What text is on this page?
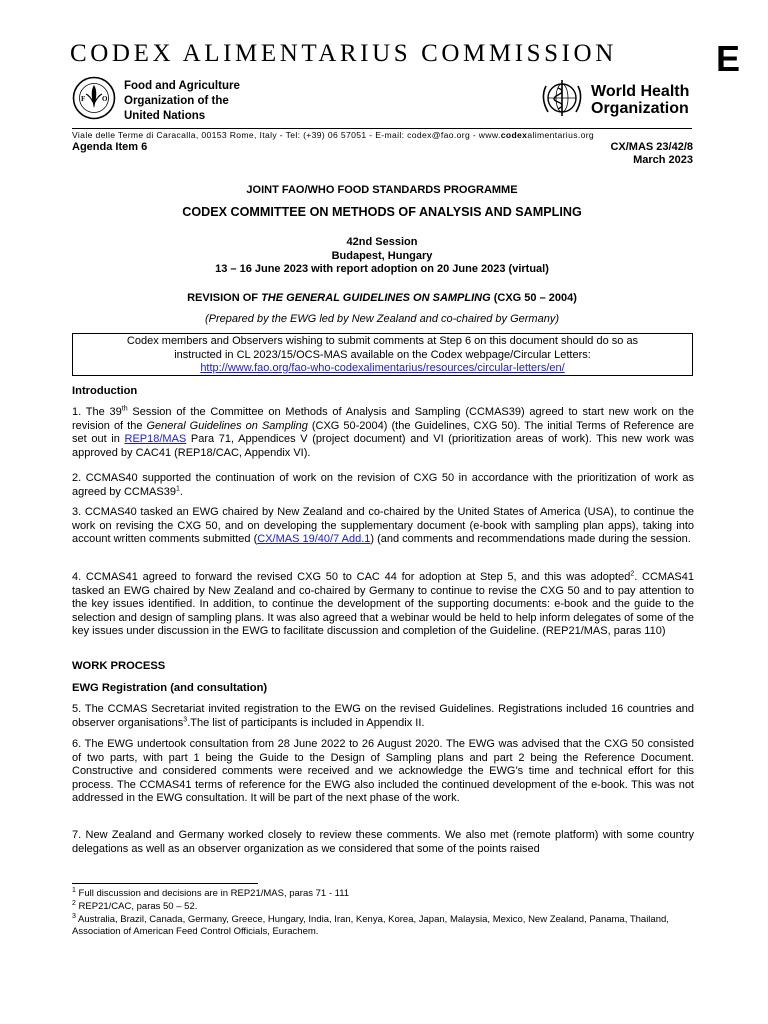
CODEX ALIMENTARIUS COMMISSION	E
F O
Food and Agriculture
Organization of the
United Nations
World Health
Organization
Viale delle Terme di Caracalla, 00153 Rome, Italy - Tel: (+39) 06 57051 - E-mail: codex@fao.org - www.codexalimentarius.org
Agenda Item 6	CX/MAS 23/42/8
March 2023
JOINT FAO/WHO FOOD STANDARDS PROGRAMME
CODEX COMMITTEE ON METHODS OF ANALYSIS AND SAMPLING
42nd Session
Budapest, Hungary
13 – 16 June 2023 with report adoption on 20 June 2023 (virtual)
REVISION OF THE GENERAL GUIDELINES ON SAMPLING (CXG 50 – 2004)
(Prepared by the EWG led by New Zealand and co-chaired by Germany)
Codex members and Observers wishing to submit comments at Step 6 on this document should do so as
instructed in CL 2023/15/OCS-MAS available on the Codex webpage/Circular Letters:
http://www.fao.org/fao-who-codexalimentarius/resources/circular-letters/en/
Introduction
1. The 39th Session of the Committee on Methods of Analysis and Sampling (CCMAS39) agreed to start new work on the revision of the General Guidelines on Sampling (CXG 50-2004) (the Guidelines, CXG 50). The initial Terms of Reference are set out in REP18/MAS Para 71, Appendices V (project document) and VI (prioritization areas of work). This new work was approved by CAC41 (REP18/CAC, Appendix VI).
2. CCMAS40 supported the continuation of work on the revision of CXG 50 in accordance with the prioritization of work as agreed by $CCMAS39^1$.
3. CCMAS40 tasked an EWG chaired by New Zealand and co-chaired by the United States of America (USA), to continue the work on revising the CXG 50, and on developing the supplementary document (e-book with sampling plan apps), taking into account written comments submitted (CX/MAS 19/40/7 Add.1) (and comments and recommendations made during the session.
4. CCMAS41 agreed to forward the revised CXG 50 to CAC 44 for adoption at Step 5, and this was adopted$^2$. CCMAS41 tasked an EWG chaired by New Zealand and co-chaired by Germany to continue to revise the CXG 50 and to pay attention to the key issues identified. In addition, to continue the development of the supporting documents: e-book and the guide to the selection and design of sampling plans. It was also agreed that a webinar would be held to help inform delegates of some of the key issues under discussion in the EWG to facilitate discussion and completion of the Guideline. (REP21/MAS, paras 110)
WORK PROCESS
EWG Registration (and consultation)
5. The CCMAS Secretariat invited registration to the EWG on the revised Guidelines. Registrations included 16 countries and observer organisations$^3$.The list of participants is included in Appendix II.
6. The EWG undertook consultation from 28 June 2022 to 26 August 2020. The EWG was advised that the CXG 50 consisted of two parts, with part 1 being the Guide to the Design of Sampling plans and part 2 being the Reference Document. Constructive and considered comments were received and we acknowledge the EWG’s time and technical effort for this process. The CCMAS41 terms of reference for the EWG also included the continued development of the e-book. This was not addressed in the EWG consultation. It will be part of the next phase of the work.
7. New Zealand and Germany worked closely to review these comments. We also met (remote platform) with some country delegations as well as an observer organization as we considered that some of the points raised
$^1$ Full discussion and decisions are in REP21/MAS, paras 71 - 111
$^2$ REP21/CAC, paras 50 – 52.
$^3$ Australia, Brazil, Canada, Germany, Greece, Hungary, India, Iran, Kenya, Korea, Japan, Malaysia, Mexico, New Zealand, Panama, Thailand, Association of American Feed Control Officials, Eurachem.
